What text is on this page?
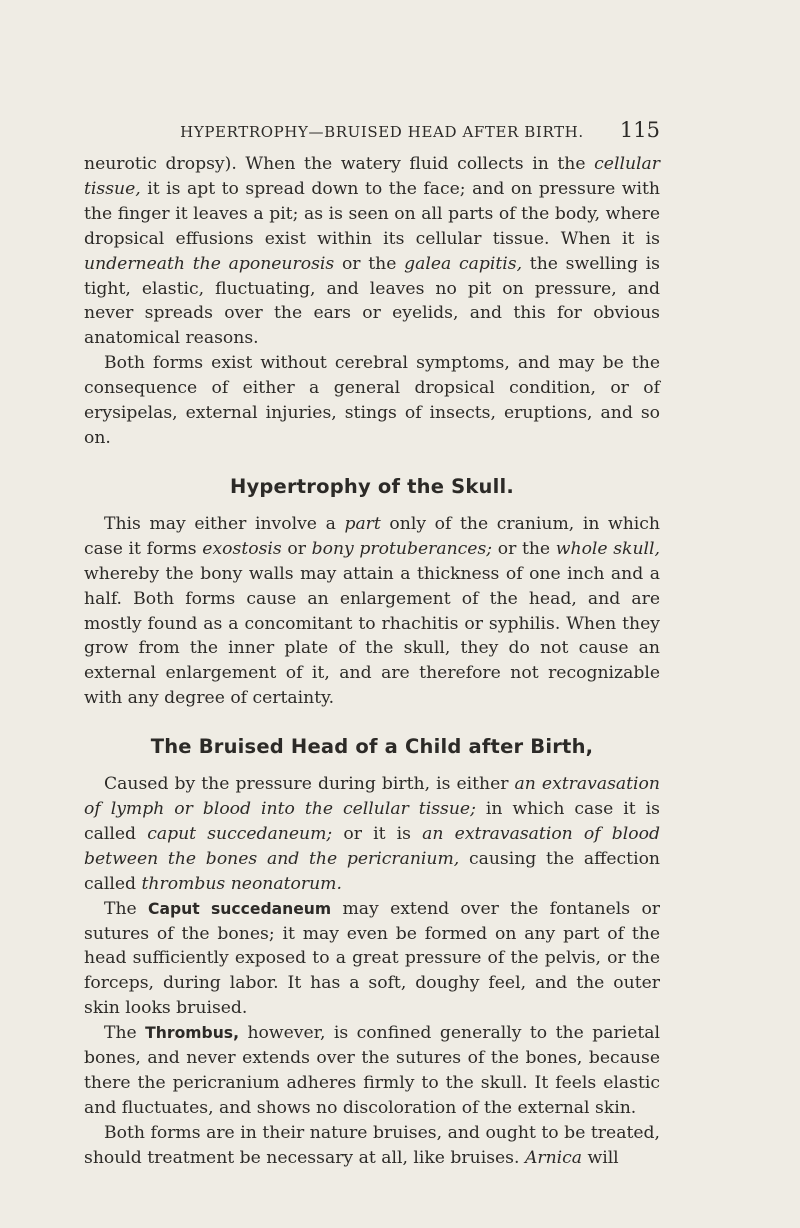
HYPERTROPHY—BRUISED HEAD AFTER BIRTH.	115

neurotic dropsy). When the watery fluid collects in the cellular tissue, it is apt to spread down to the face; and on pressure with the finger it leaves a pit; as is seen on all parts of the body, where dropsical effusions exist within its cellular tissue. When it is underneath the aponeurosis or the galea capitis, the swelling is tight, elastic, fluctuating, and leaves no pit on pressure, and never spreads over the ears or eyelids, and this for obvious anatomical reasons.

Both forms exist without cerebral symptoms, and may be the consequence of either a general dropsical condition, or of erysipelas, external injuries, stings of insects, eruptions, and so on.

Hypertrophy of the Skull.

This may either involve a part only of the cranium, in which case it forms exostosis or bony protuberances; or the whole skull, whereby the bony walls may attain a thickness of one inch and a half. Both forms cause an enlargement of the head, and are mostly found as a concomitant to rhachitis or syphilis. When they grow from the inner plate of the skull, they do not cause an external enlargement of it, and are therefore not recognizable with any degree of certainty.

The Bruised Head of a Child after Birth,

Caused by the pressure during birth, is either an extravasation of lymph or blood into the cellular tissue; in which case it is called caput succedaneum; or it is an extravasation of blood between the bones and the pericranium, causing the affection called thrombus neonatorum.

The Caput succedaneum may extend over the fontanels or sutures of the bones; it may even be formed on any part of the head sufficiently exposed to a great pressure of the pelvis, or the forceps, during labor. It has a soft, doughy feel, and the outer skin looks bruised.

The Thrombus, however, is confined generally to the parietal bones, and never extends over the sutures of the bones, because there the pericranium adheres firmly to the skull. It feels elastic and fluctuates, and shows no discoloration of the external skin.

Both forms are in their nature bruises, and ought to be treated, should treatment be necessary at all, like bruises. Arnica will
